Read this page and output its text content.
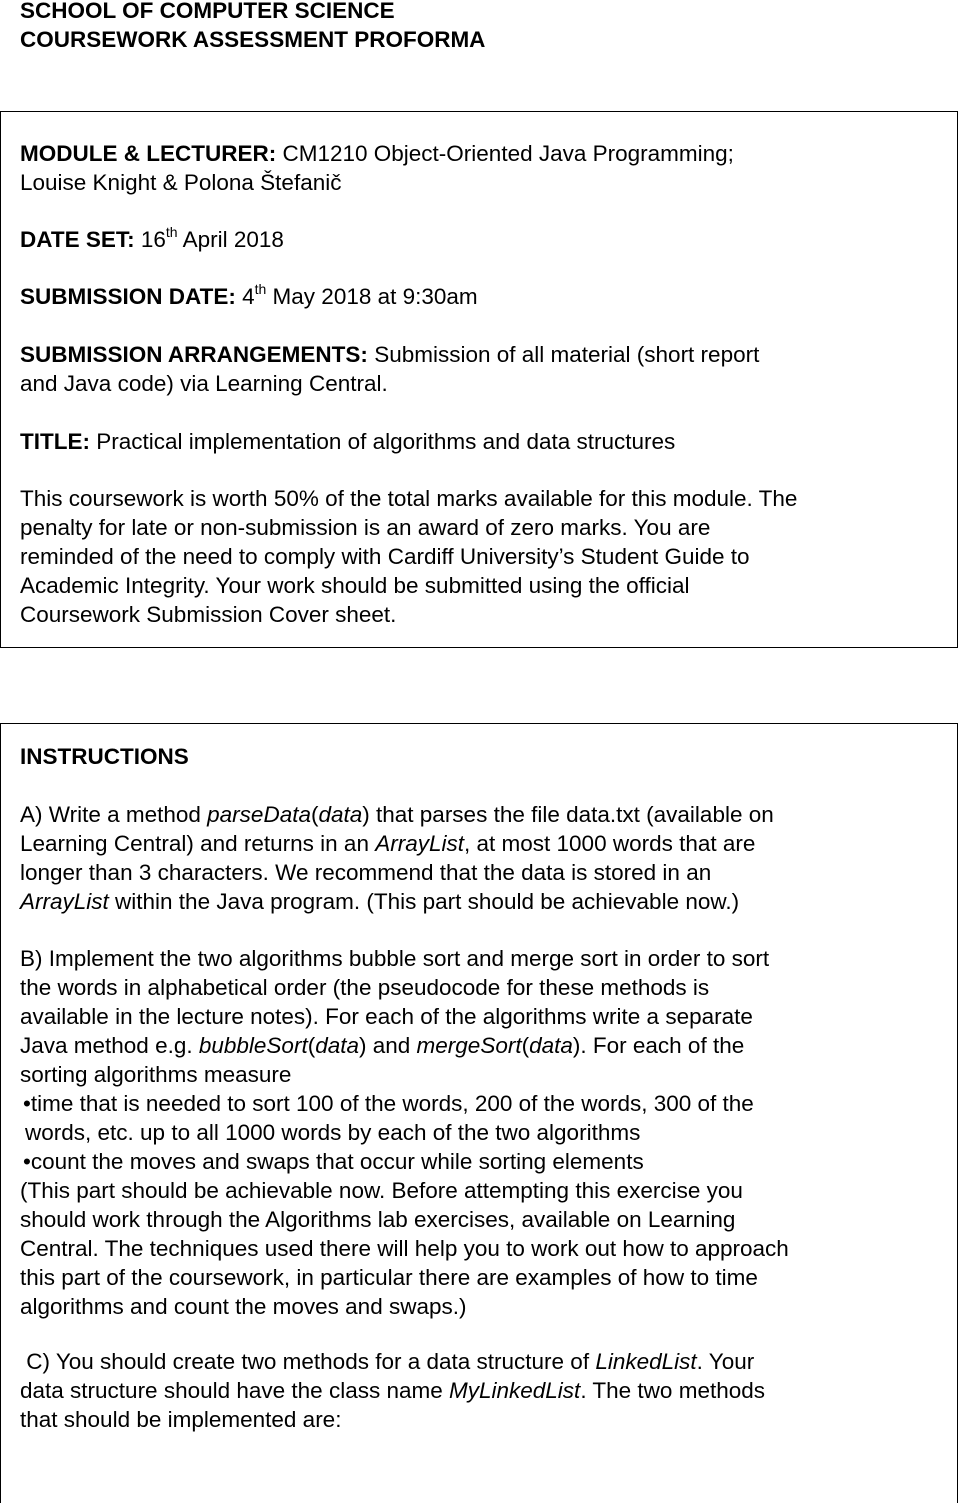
SCHOOL OF COMPUTER SCIENCE
COURSEWORK ASSESSMENT PROFORMA
MODULE & LECTURER: CM1210 Object-Oriented Java Programming;
Louise Knight & Polona Štefanič
DATE SET: 16th April 2018
SUBMISSION DATE: 4th May 2018 at 9:30am
SUBMISSION ARRANGEMENTS: Submission of all material (short report
and Java code) via Learning Central.
TITLE: Practical implementation of algorithms and data structures
This coursework is worth 50% of the total marks available for this module. The
penalty for late or non-submission is an award of zero marks. You are
reminded of the need to comply with Cardiff University’s Student Guide to
Academic Integrity. Your work should be submitted using the official
Coursework Submission Cover sheet.
INSTRUCTIONS
A) Write a method parseData(data) that parses the file data.txt (available on
Learning Central) and returns in an ArrayList, at most 1000 words that are
longer than 3 characters. We recommend that the data is stored in an
ArrayList within the Java program. (This part should be achievable now.)
B) Implement the two algorithms bubble sort and merge sort in order to sort
the words in alphabetical order (the pseudocode for these methods is
available in the lecture notes). For each of the algorithms write a separate
Java method e.g. bubbleSort(data) and mergeSort(data). For each of the
sorting algorithms measure
•time that is needed to sort 100 of the words, 200 of the words, 300 of the
words, etc. up to all 1000 words by each of the two algorithms
•count the moves and swaps that occur while sorting elements
(This part should be achievable now. Before attempting this exercise you
should work through the Algorithms lab exercises, available on Learning
Central. The techniques used there will help you to work out how to approach
this part of the coursework, in particular there are examples of how to time
algorithms and count the moves and swaps.)
C) You should create two methods for a data structure of LinkedList. Your
data structure should have the class name MyLinkedList. The two methods
that should be implemented are:
